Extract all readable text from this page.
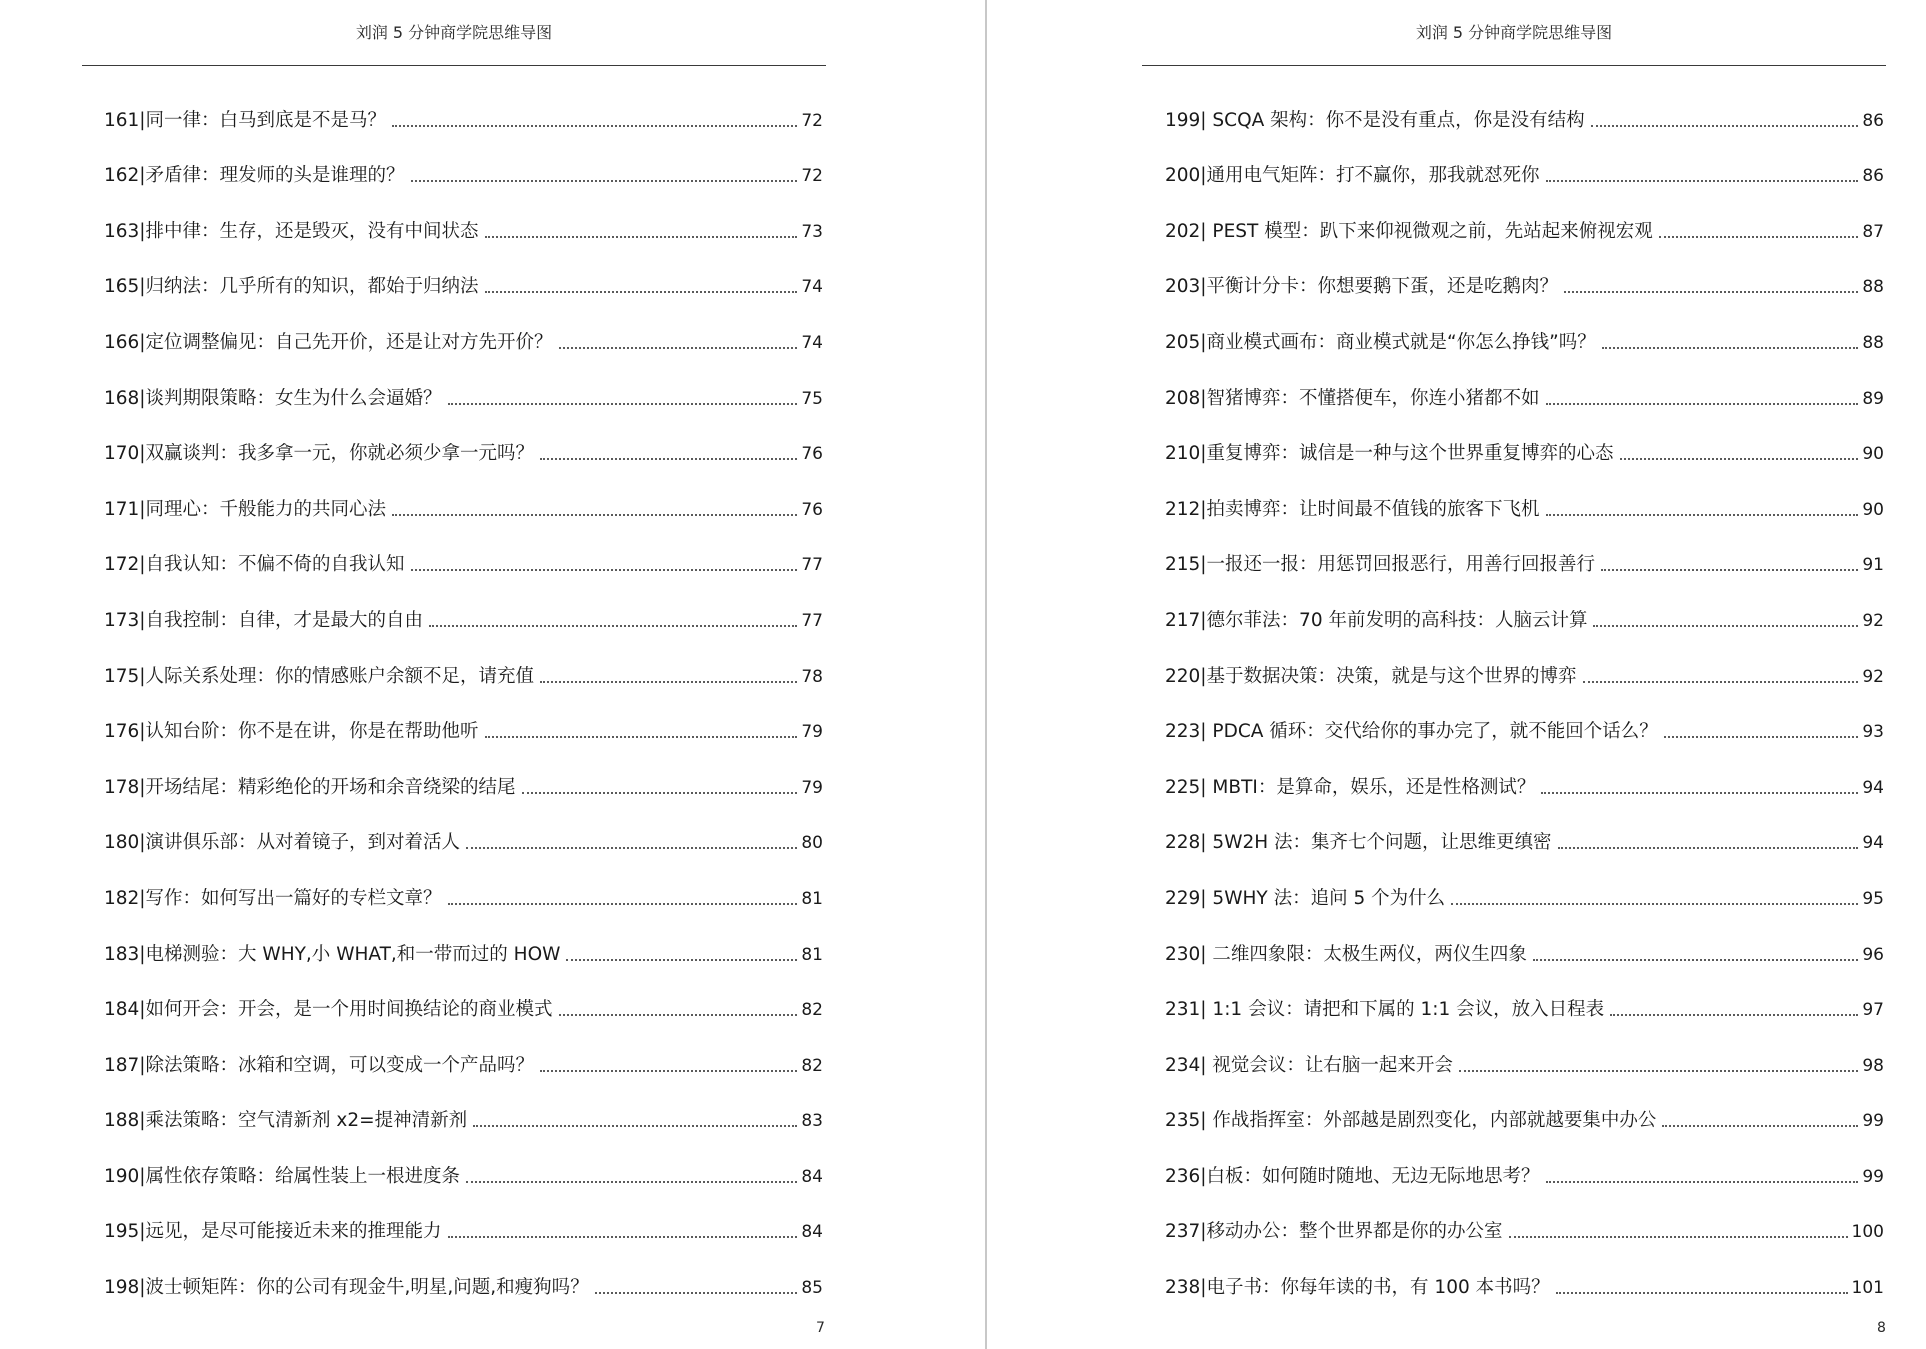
刘润 5 分钟商学院思维导图
161|同一律：白马到底是不是马？	72
162|矛盾律：理发师的头是谁理的？	72
163|排中律：生存，还是毁灭，没有中间状态	73
165|归纳法：几乎所有的知识，都始于归纳法	74
166|定位调整偏见：自己先开价，还是让对方先开价？	74
168|谈判期限策略：女生为什么会逼婚？	75
170|双赢谈判：我多拿一元，你就必须少拿一元吗？	76
171|同理心：千般能力的共同心法	76
172|自我认知：不偏不倚的自我认知	77
173|自我控制：自律，才是最大的自由	77
175|人际关系处理：你的情感账户余额不足，请充值	78
176|认知台阶：你不是在讲，你是在帮助他听	79
178|开场结尾：精彩绝伦的开场和余音绕梁的结尾	79
180|演讲俱乐部：从对着镜子，到对着活人	80
182|写作：如何写出一篇好的专栏文章？	81
183|电梯测验：大 WHY,小 WHAT,和一带而过的 HOW	81
184|如何开会：开会，是一个用时间换结论的商业模式	82
187|除法策略：冰箱和空调，可以变成一个产品吗？	82
188|乘法策略：空气清新剂 x2=提神清新剂	83
190|属性依存策略：给属性装上一根进度条	84
195|远见，是尽可能接近未来的推理能力	84
198|波士顿矩阵：你的公司有现金牛,明星,问题,和瘦狗吗？	85
7
刘润 5 分钟商学院思维导图
199| SCQA 架构：你不是没有重点，你是没有结构	86
200|通用电气矩阵：打不赢你，那我就怼死你	86
202| PEST 模型：趴下来仰视微观之前，先站起来俯视宏观	87
203|平衡计分卡：你想要鹅下蛋，还是吃鹅肉？	88
205|商业模式画布：商业模式就是“你怎么挣钱”吗？	88
208|智猪博弈：不懂搭便车，你连小猪都不如	89
210|重复博弈：诚信是一种与这个世界重复博弈的心态	90
212|拍卖博弈：让时间最不值钱的旅客下飞机	90
215|一报还一报：用惩罚回报恶行，用善行回报善行	91
217|德尔菲法：70 年前发明的高科技：人脑云计算	92
220|基于数据决策：决策，就是与这个世界的博弈	92
223| PDCA 循环：交代给你的事办完了，就不能回个话么？	93
225| MBTI：是算命，娱乐，还是性格测试？	94
228| 5W2H 法：集齐七个问题，让思维更缜密	94
229| 5WHY 法：追问 5 个为什么	95
230| 二维四象限：太极生两仪，两仪生四象	96
231| 1:1 会议：请把和下属的 1:1 会议，放入日程表	97
234| 视觉会议：让右脑一起来开会	98
235| 作战指挥室：外部越是剧烈变化，内部就越要集中办公	99
236|白板：如何随时随地、无边无际地思考？	99
237|移动办公：整个世界都是你的办公室	100
238|电子书：你每年读的书，有 100 本书吗？	101
8
